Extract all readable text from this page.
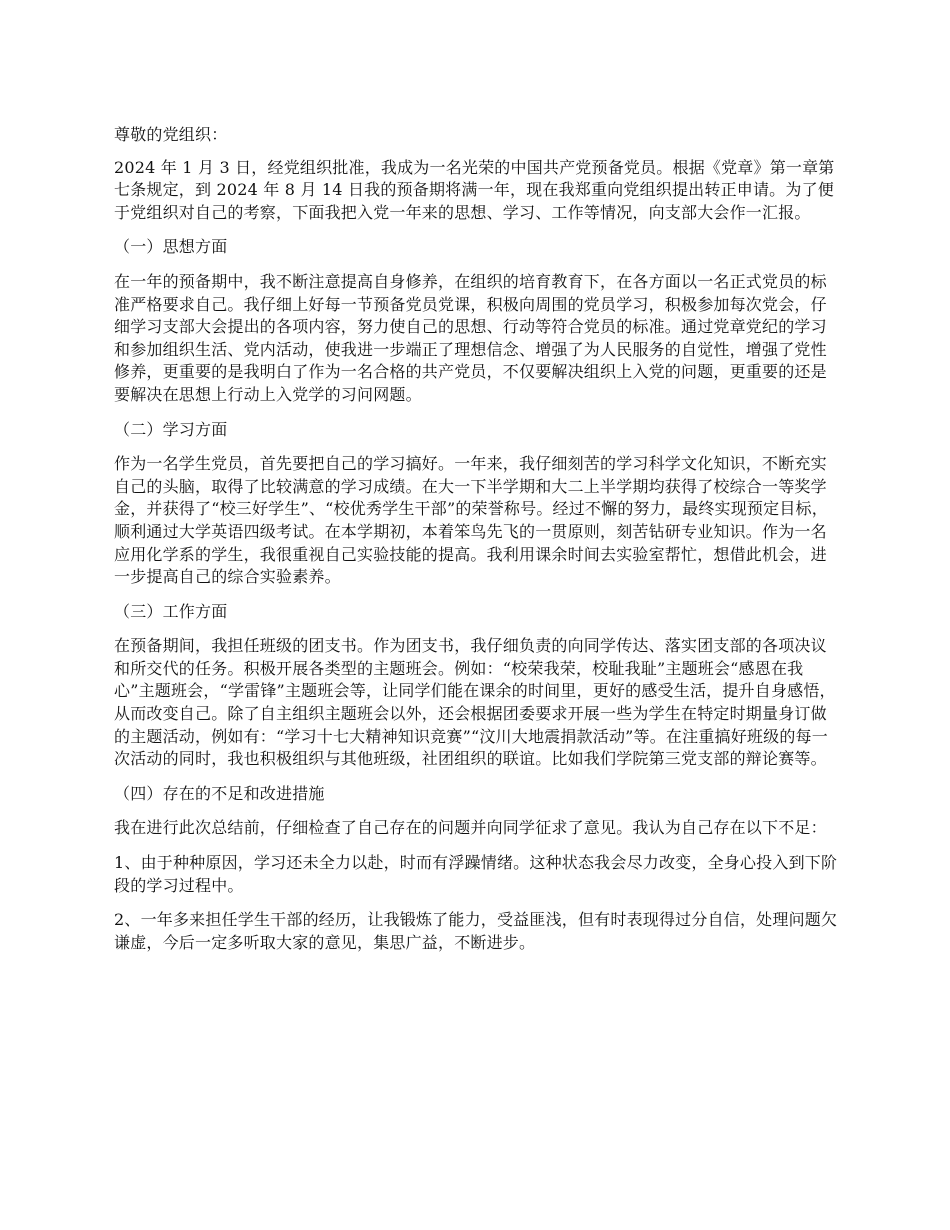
尊敬的党组织：

2024 年 1 月 3 日，经党组织批准，我成为一名光荣的中国共产党预备党员。根据《党章》第一章第七条规定，到 2024 年 8 月 14 日我的预备期将满一年，现在我郑重向党组织提出转正申请。为了便于党组织对自己的考察，下面我把入党一年来的思想、学习、工作等情况，向支部大会作一汇报。

（一）思想方面

在一年的预备期中，我不断注意提高自身修养，在组织的培育教育下，在各方面以一名正式党员的标准严格要求自己。我仔细上好每一节预备党员党课，积极向周围的党员学习，积极参加每次党会，仔细学习支部大会提出的各项内容，努力使自己的思想、行动等符合党员的标准。通过党章党纪的学习和参加组织生活、党内活动，使我进一步端正了理想信念、增强了为人民服务的自觉性，增强了党性修养，更重要的是我明白了作为一名合格的共产党员，不仅要解决组织上入党的问题，更重要的还是要解决在思想上行动上入党学的习问网题。

（二）学习方面

作为一名学生党员，首先要把自己的学习搞好。一年来，我仔细刻苦的学习科学文化知识，不断充实自己的头脑，取得了比较满意的学习成绩。在大一下半学期和大二上半学期均获得了校综合一等奖学金，并获得了“校三好学生”、“校优秀学生干部”的荣誉称号。经过不懈的努力，最终实现预定目标，顺利通过大学英语四级考试。在本学期初，本着笨鸟先飞的一贯原则，刻苦钻研专业知识。作为一名应用化学系的学生，我很重视自己实验技能的提高。我利用课余时间去实验室帮忙，想借此机会，进一步提高自己的综合实验素养。

（三）工作方面

在预备期间，我担任班级的团支书。作为团支书，我仔细负责的向同学传达、落实团支部的各项决议和所交代的任务。积极开展各类型的主题班会。例如：“校荣我荣，校耻我耻”主题班会“感恩在我心”主题班会，“学雷锋”主题班会等，让同学们能在课余的时间里，更好的感受生活，提升自身感悟，从而改变自己。除了自主组织主题班会以外，还会根据团委要求开展一些为学生在特定时期量身订做的主题活动，例如有：“学习十七大精神知识竞赛”“汶川大地震捐款活动”等。在注重搞好班级的每一次活动的同时，我也积极组织与其他班级，社团组织的联谊。比如我们学院第三党支部的辩论赛等。

（四）存在的不足和改进措施

我在进行此次总结前，仔细检查了自己存在的问题并向同学征求了意见。我认为自己存在以下不足：

1、由于种种原因，学习还未全力以赴，时而有浮躁情绪。这种状态我会尽力改变，全身心投入到下阶段的学习过程中。

2、一年多来担任学生干部的经历，让我锻炼了能力，受益匪浅，但有时表现得过分自信，处理问题欠谦虚，今后一定多听取大家的意见，集思广益，不断进步。
